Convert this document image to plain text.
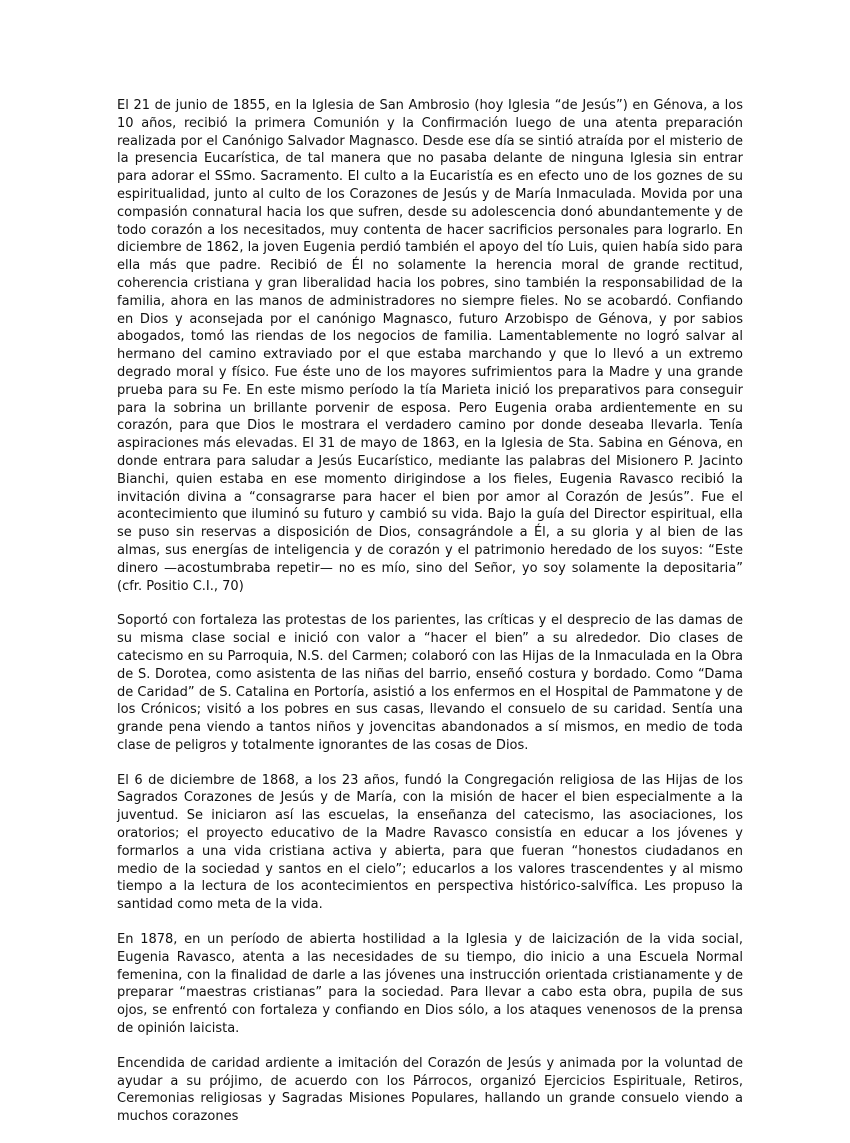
El 21 de junio de 1855, en la Iglesia de San Ambrosio (hoy Iglesia “de Jesús”) en Génova, a los 10 años, recibió la primera Comunión y la Confirmación luego de una atenta preparación realizada por el Canónigo Salvador Magnasco. Desde ese día se sintió atraída por el misterio de la presencia Eucarística, de tal manera que no pasaba delante de ninguna Iglesia sin entrar para adorar el SSmo. Sacramento. El culto a la Eucaristía es en efecto uno de los goznes de su espiritualidad, junto al culto de los Corazones de Jesús y de María Inmaculada. Movida por una compasión connatural hacia los que sufren, desde su adolescencia donó abundantemente y de todo corazón a los necesitados, muy contenta de hacer sacrificios personales para lograrlo. En diciembre de 1862, la joven Eugenia perdió también el apoyo del tío Luis, quien había sido para ella más que padre. Recibió de Él no solamente la herencia moral de grande rectitud, coherencia cristiana y gran liberalidad hacia los pobres, sino también la responsabilidad de la familia, ahora en las manos de administradores no siempre fieles. No se acobardó. Confiando en Dios y aconsejada por el canónigo Magnasco, futuro Arzobispo de Génova, y por sabios abogados, tomó las riendas de los negocios de familia. Lamentablemente no logró salvar al hermano del camino extraviado por el que estaba marchando y que lo llevó a un extremo degrado moral y físico. Fue éste uno de los mayores sufrimientos para la Madre y una grande prueba para su Fe. En este mismo período la tía Marieta inició los preparativos para conseguir para la sobrina un brillante porvenir de esposa. Pero Eugenia oraba ardientemente en su corazón, para que Dios le mostrara el verdadero camino por donde deseaba llevarla. Tenía aspiraciones más elevadas. El 31 de mayo de 1863, en la Iglesia de Sta. Sabina en Génova, en donde entrara para saludar a Jesús Eucarístico, mediante las palabras del Misionero P. Jacinto Bianchi, quien estaba en ese momento dirigindose a los fieles, Eugenia Ravasco recibió la invitación divina a “consagrarse para hacer el bien por amor al Corazón de Jesús”. Fue el acontecimiento que iluminó su futuro y cambió su vida. Bajo la guía del Director espiritual, ella se puso sin reservas a disposición de Dios, consagrándole a Él, a su gloria y al bien de las almas, sus energías de inteligencia y de corazón y el patrimonio heredado de los suyos: “Este dinero —acostumbraba repetir— no es mío, sino del Señor, yo soy solamente la depositaria” (cfr. Positio C.I., 70)

Soportó con fortaleza las protestas de los parientes, las críticas y el desprecio de las damas de su misma clase social e inició con valor a “hacer el bien” a su alrededor. Dio clases de catecismo en su Parroquia, N.S. del Carmen; colaboró con las Hijas de la Inmaculada en la Obra de S. Dorotea, como asistenta de las niñas del barrio, enseñó costura y bordado. Como “Dama de Caridad” de S. Catalina en Portoría, asistió a los enfermos en el Hospital de Pammatone y de los Crónicos; visitó a los pobres en sus casas, llevando el consuelo de su caridad. Sentía una grande pena viendo a tantos niños y jovencitas abandonados a sí mismos, en medio de toda clase de peligros y totalmente ignorantes de las cosas de Dios.

El 6 de diciembre de 1868, a los 23 años, fundó la Congregación religiosa de las Hijas de los Sagrados Corazones de Jesús y de María, con la misión de hacer el bien especialmente a la juventud. Se iniciaron así las escuelas, la enseñanza del catecismo, las asociaciones, los oratorios; el proyecto educativo de la Madre Ravasco consistía en educar a los jóvenes y formarlos a una vida cristiana activa y abierta, para que fueran “honestos ciudadanos en medio de la sociedad y santos en el cielo”; educarlos a los valores trascendentes y al mismo tiempo a la lectura de los acontecimientos en perspectiva histórico-salvífica. Les propuso la santidad como meta de la vida.

En 1878, en un período de abierta hostilidad a la Iglesia y de laicización de la vida social, Eugenia Ravasco, atenta a las necesidades de su tiempo, dio inicio a una Escuela Normal femenina, con la finalidad de darle a las jóvenes una instrucción orientada cristianamente y de preparar “maestras cristianas” para la sociedad. Para llevar a cabo esta obra, pupila de sus ojos, se enfrentó con fortaleza y confiando en Dios sólo, a los ataques venenosos de la prensa de opinión laicista.

Encendida de caridad ardiente a imitación del Corazón de Jesús y animada por la voluntad de ayudar a su prójimo, de acuerdo con los Párrocos, organizó Ejercicios Espirituale, Retiros, Ceremonias religiosas y Sagradas Misiones Populares, hallando un grande consuelo viendo a muchos corazones
